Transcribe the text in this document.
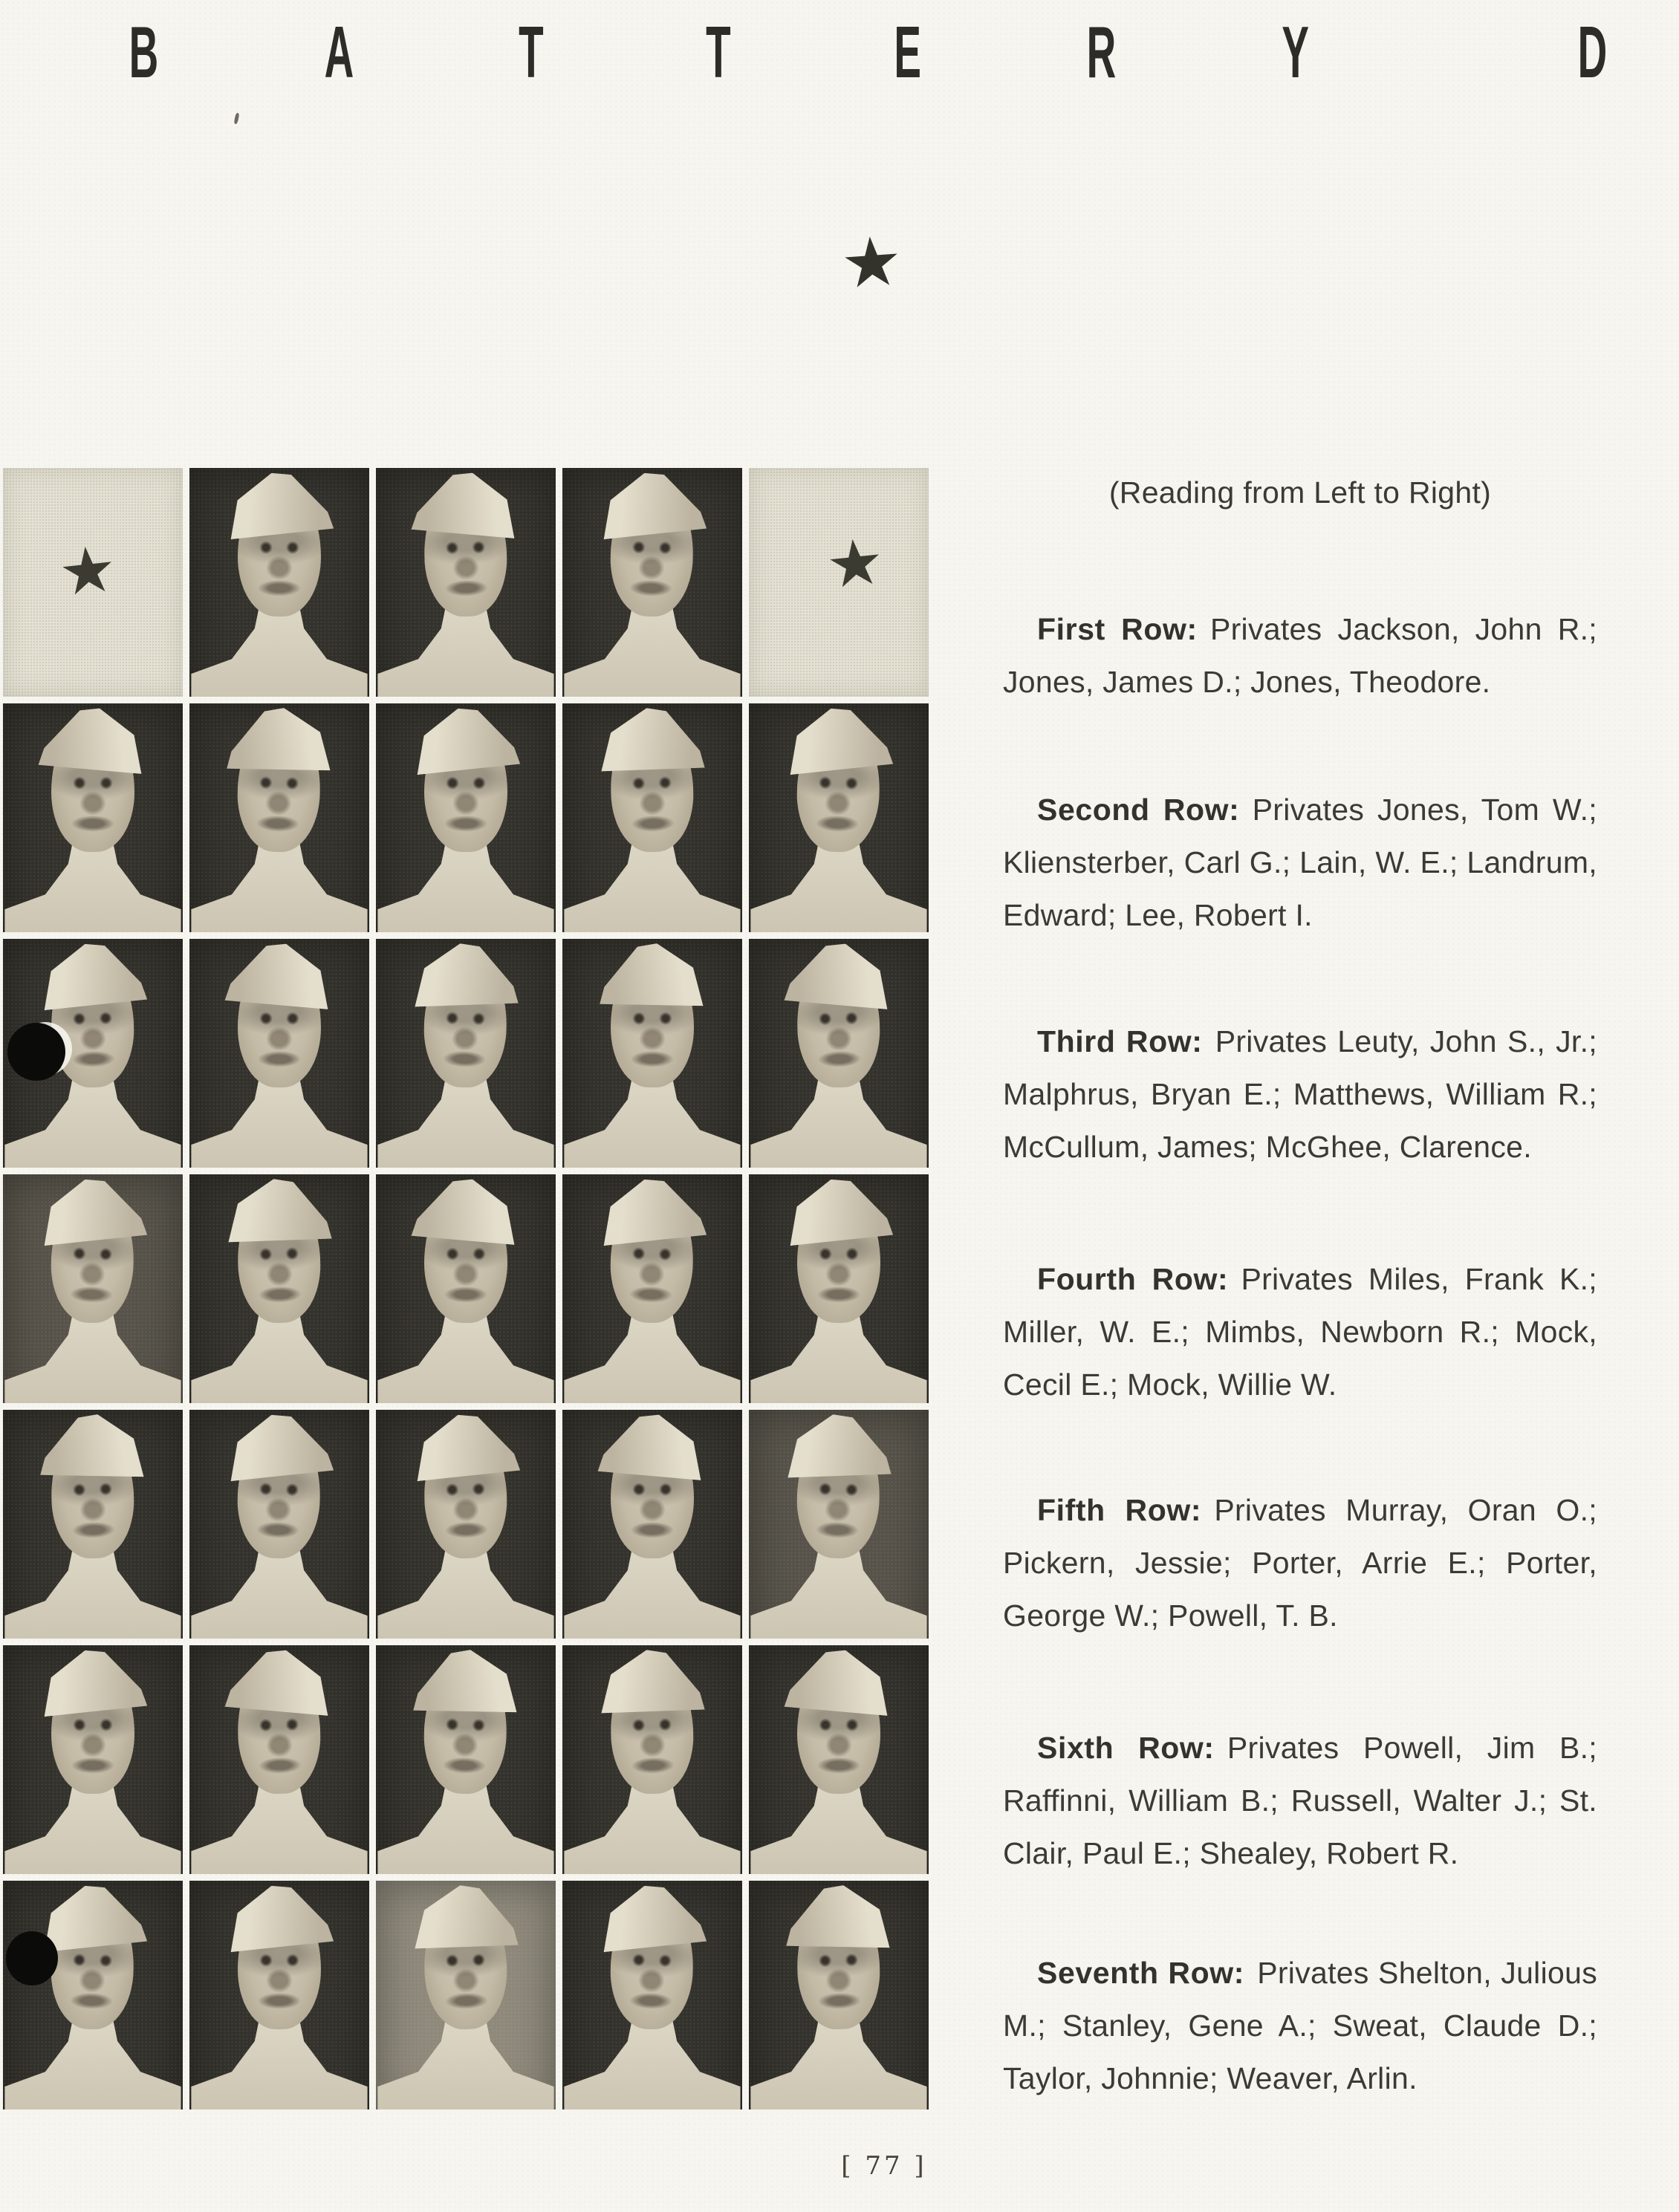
B A T T E R Y	D
★
★	★

(Reading from Left to Right)

First Row: Privates Jackson, John R.; Jones, James D.; Jones, Theodore.

Second Row: Privates Jones, Tom W.; Kliensterber, Carl G.; Lain, W. E.; Landrum, Edward; Lee, Robert I.

Third Row: Privates Leuty, John S., Jr.; Malphrus, Bryan E.; Matthews, William R.; McCullum, James; McGhee, Clarence.

Fourth Row: Privates Miles, Frank K.; Miller, W. E.; Mimbs, Newborn R.; Mock, Cecil E.; Mock, Willie W.

Fifth Row: Privates Murray, Oran O.; Pickern, Jessie; Porter, Arrie E.; Porter, George W.; Powell, T. B.

Sixth Row: Privates Powell, Jim B.; Raffinni, William B.; Russell, Walter J.; St. Clair, Paul E.; Shealey, Robert R.

Seventh Row: Privates Shelton, Julious M.; Stanley, Gene A.; Sweat, Claude D.; Taylor, Johnnie; Weaver, Arlin.

[ 77 ]
